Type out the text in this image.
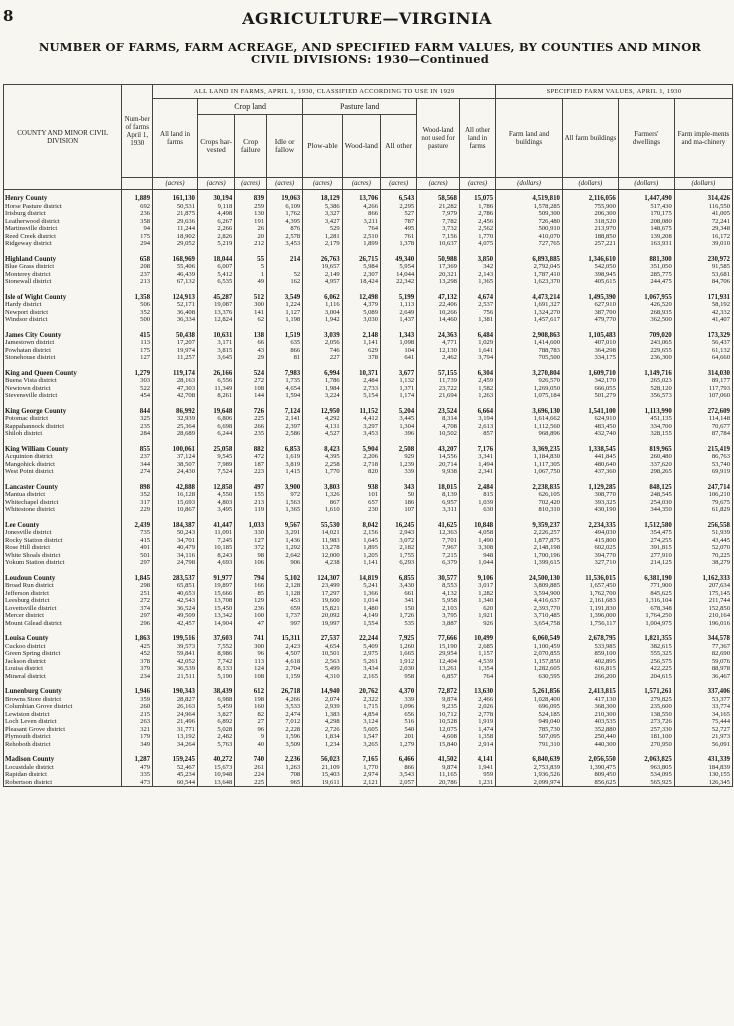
8	AGRICULTURE—VIRGINIA
NUMBER OF FARMS, FARM ACREAGE, AND SPECIFIED FARM VALUES, BY COUNTIES AND MINOR
CIVIL DIVISIONS: 1930—Continued
COUNTY AND MINOR CIVIL DIVISION	Num-ber of farms April 1, 1930	ALL LAND IN FARMS, APRIL 1, 1930, CLASSIFIED ACCORDING TO USE IN 1929									SPECIFIED FARM VALUES, APRIL 1, 1930			
		All land in farms	Crop land			Pasture land			Wood-land not used for pasture	All other land in farms	Farm land and buildings	All farm buildings	Farmers' dwellings	Farm imple-ments and ma-chinery
			Crops har-vested	Crop failure	Idle or fallow	Plow-able	Wood-land	All other						
		(acres)	(acres)	(acres)	(acres)	(acres)	(acres)	(acres)	(acres)	(acres)	(dollars)	(dollars)	(dollars)	(dollars)
Henry County	1,889	161,130	30,194	839	19,063	18,129	13,706	6,543	58,568	15,075	4,519,810	2,116,056	1,447,490	314,426
Horse Pasture district	692	50,531	9,118	259	6,109	5,386	4,266	2,295	21,282	1,786	1,578,285	755,900	517,430	116,550
Irisburg district	236	21,875	4,498	130	1,762	3,327	866	527	7,979	2,786	509,300	206,300	170,175	41,005
Leatherwood district	358	29,636	6,267	191	4,395	3,427	3,211	787	7,782	2,456	726,480	318,520	208,080	72,241
Martinsville district	94	11,244	2,266	26	876	529	764	495	3,732	2,562	500,910	213,970	148,675	29,348
Reed Creek district	175	18,902	2,826	20	2,578	1,281	2,510	761	7,156	1,770	410,070	188,850	139,208	16,172
Ridgeway district	294	29,052	5,219	212	3,453	2,179	1,899	1,378	10,637	4,075	727,765	257,221	163,931	39,010

Highland County	658	168,969	18,044	55	214	26,763	26,715	49,340	50,988	3,850	6,893,885	1,346,610	881,300	230,972
Blue Grass district	208	55,406	6,007	5		19,657	5,984	5,954	17,369	342	2,792,045	542,050	351,050	91,585
Monterey district	237	46,439	5,412	1	52	2,149	2,307	14,044	20,321	2,143	1,787,410	398,945	285,775	53,681
Stonewall district	213	67,132	6,535	49	162	4,957	18,424	22,342	13,298	1,365	1,623,370	405,615	244,475	84,706

Isle of Wight County	1,358	124,913	45,287	512	3,549	6,062	12,498	5,199	47,132	4,674	4,473,214	1,495,390	1,067,955	171,931
Hardy district	506	52,171	19,087	300	1,224	1,116	4,379	1,113	22,406	2,537	1,691,327	627,910	426,520	58,192
Newport district	352	36,408	13,376	141	1,127	3,004	5,089	2,649	10,266	756	1,324,270	387,700	268,935	42,332
Windsor district	500	36,334	12,824	62	1,198	1,942	3,030	1,437	14,460	1,381	1,457,617	479,770	362,500	41,407

James City County	415	50,438	10,631	138	1,519	3,039	2,148	1,343	24,363	6,484	2,908,863	1,105,483	709,020	173,329
Jamestown district	113	17,207	3,171	66	635	2,056	1,141	1,098	4,771	1,029	1,414,600	407,010	243,065	56,437
Powhatan district	175	19,974	3,815	43	866	746	629	104	12,130	1,641	788,783	364,298	229,655	61,132
Stonehouse district	127	11,257	3,645	29	81	227	378	641	2,462	3,794	705,500	334,175	236,300	64,660

King and Queen County	1,279	119,174	26,166	524	7,983	6,994	10,371	3,677	57,155	6,304	3,270,804	1,609,710	1,149,716	314,030
Buena Vista district	303	28,163	6,556	272	1,735	1,786	2,484	1,132	11,739	2,459	926,570	342,170	265,023	89,177
Newtown district	522	47,303	11,349	108	4,654	1,984	2,733	1,371	23,722	1,582	1,269,050	666,055	528,120	117,793
Stevensville district	454	42,708	8,261	144	1,594	3,224	5,154	1,174	21,694	1,263	1,075,184	501,279	356,573	107,060

King George County	844	86,992	19,648	726	7,124	12,950	11,152	5,204	23,524	6,664	3,696,130	1,541,100	1,113,990	272,609
Potomac district	325	32,939	6,806	225	2,141	4,292	4,412	3,445	8,314	3,194	1,614,662	624,910	451,135	114,148
Rappahannock district	235	25,364	6,698	266	2,397	4,131	3,297	1,304	4,708	2,613	1,112,560	483,450	334,700	70,677
Shiloh district	284	28,689	6,244	235	2,586	4,527	3,453	396	10,502	857	968,896	432,740	328,155	87,784

King William County	855	100,061	25,058	882	6,853	8,423	5,904	2,508	43,207	7,176	3,369,235	1,338,545	819,965	215,419
Acquinton district	237	37,124	9,545	472	1,619	4,395	2,206	929	14,556	3,341	1,184,830	441,845	260,480	86,763
Mangohick district	344	38,507	7,989	187	3,819	2,258	2,718	1,239	20,714	1,494	1,117,305	480,640	337,620	53,740
West Point district	274	24,430	7,524	223	1,415	1,770	820	339	9,938	2,341	1,067,750	437,360	298,265	69,919

Lancaster County	898	42,888	12,858	497	3,900	3,803	938	343	18,015	2,484	2,238,835	1,129,285	848,125	247,714
Mantua district	352	16,128	4,550	155	972	1,326	101	50	8,139	815	626,105	308,770	248,545	106,210
Whitechapel district	317	15,693	4,803	213	1,563	867	657	186	6,957	1,039	702,420	393,325	254,030	79,675
Whitestone district	229	10,867	3,495	119	1,365	1,610	230	107	3,311	630	810,310	430,190	344,350	61,829

Lee County	2,439	184,387	41,447	1,033	9,567	55,530	8,042	16,245	41,625	10,848	9,359,237	2,234,335	1,512,580	256,558
Jonesville district	735	50,243	11,091	330	3,291	14,021	2,156	2,943	12,363	4,058	2,226,257	494,030	354,475	51,939
Rocky Station district	415	34,701	7,245	127	1,436	11,983	1,645	3,072	7,701	1,490	1,877,875	415,800	274,255	43,445
Rose Hill district	491	40,479	10,185	372	1,292	13,278	1,895	2,182	7,967	3,308	2,148,198	602,025	391,815	52,070
White Shoals district	501	34,116	8,243	98	2,642	12,000	1,205	1,755	7,215	948	1,700,196	394,770	277,910	70,225
Yokum Station district	297	24,798	4,693	106	906	4,238	1,141	6,293	6,379	1,044	1,399,615	327,710	214,125	38,279

Loudoun County	1,845	283,537	91,977	794	5,102	124,307	14,819	6,855	30,577	9,106	24,500,130	11,536,015	6,381,190	1,162,333
Broad Run district	298	65,851	19,897	166	2,128	23,499	5,241	3,430	8,553	3,017	3,809,885	1,657,450	771,900	207,634
Jefferson district	251	40,653	15,666	85	1,128	17,297	1,366	661	4,132	1,282	3,594,900	1,762,700	845,625	175,145
Leesburg district	272	42,543	13,708	129	453	19,600	1,014	341	5,958	1,340	4,416,637	2,161,683	1,316,104	211,744
Lovettsville district	374	36,524	15,450	236	659	15,821	1,480	150	2,103	620	2,393,770	1,191,830	678,348	152,850
Mercer district	297	49,509	13,342	100	1,737	20,092	4,149	1,726	3,795	1,921	3,710,485	1,396,000	1,764,250	210,164
Mount Gilead district	296	42,457	14,904	47	997	19,997	1,554	535	3,887	926	3,654,758	1,756,117	1,004,975	196,016

Louisa County	1,863	199,516	37,603	741	15,311	27,537	22,244	7,925	77,666	10,499	6,060,549	2,678,795	1,821,355	344,578
Cuckoo district	425	39,573	7,552	300	2,423	4,654	5,409	1,260	15,190	2,685	1,100,459	533,985	382,615	77,367
Green Spring district	452	59,841	8,986	96	4,507	10,501	2,975	1,665	29,954	1,157	2,070,855	859,100	555,325	82,690
Jackson district	378	42,052	7,742	113	4,618	2,563	5,261	1,912	12,404	4,539	1,157,850	402,895	256,575	59,076
Louisa district	379	36,539	8,133	124	2,704	5,499	3,434	2,030	13,261	1,354	1,282,605	616,815	422,225	88,978
Mineral district	234	21,511	5,190	108	1,159	4,310	2,165	958	6,857	764	630,595	266,200	204,615	36,467

Lunenburg County	1,946	190,343	38,439	612	26,718	14,940	20,762	4,370	72,872	13,630	5,261,856	2,413,815	1,571,261	337,406
Browns Store district	359	28,827	6,988	198	4,266	2,074	2,322	339	9,874	2,466	1,028,400	417,130	279,825	53,377
Columbian Grove district	260	26,163	5,459	160	3,533	2,939	1,715	1,096	9,235	2,026	696,095	368,300	235,600	33,774
Lewiston district	215	24,964	3,827	82	2,474	1,383	4,854	656	10,712	2,778	524,185	210,300	138,550	34,165
Loch Leven district	263	21,496	6,892	27	7,012	4,298	3,124	516	10,528	1,919	949,040	403,535	273,726	75,444
Pleasant Grove district	321	31,771	5,028	96	2,228	2,726	5,605	540	12,075	1,474	785,730	352,880	257,330	52,727
Plymouth district	179	13,192	2,482	9	1,596	1,834	1,547	201	4,608	1,358	507,095	250,440	181,100	21,973
Rehoboth district	349	34,264	5,763	40	3,509	1,234	3,265	1,279	15,840	2,914	791,310	440,300	270,950	56,091

Madison County	1,287	159,245	40,272	740	2,236	56,023	7,165	6,466	41,502	4,141	6,840,639	2,056,550	2,063,825	431,339
Locustdale district	479	52,467	15,673	261	1,263	21,109	1,770	866	9,874	1,941	2,753,839	1,390,475	963,805	184,839
Rapidan district	335	45,234	10,948	224	708	15,403	2,974	3,543	11,165	959	1,936,526	809,450	534,095	130,155
Robertson district	473	60,544	13,648	225	965	19,611	2,121	2,057	20,786	1,231	2,099,974	856,625	565,925	126,345
